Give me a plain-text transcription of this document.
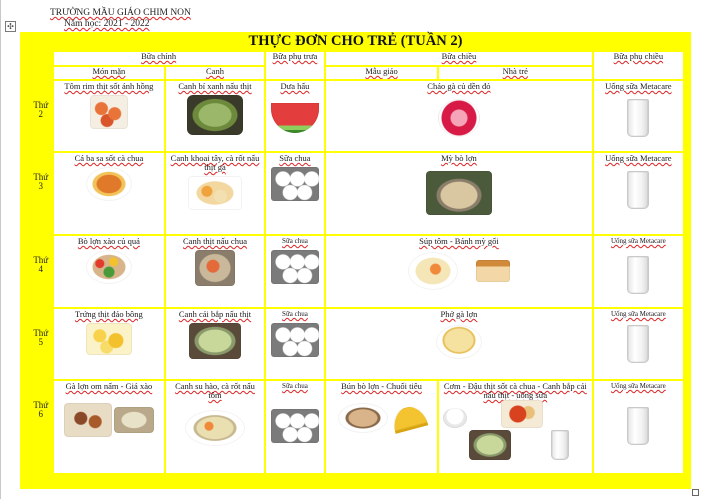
✣
TRƯỜNG MẦU GIÁO CHIM NON
Năm học: 2021 - 2022
THỰC ĐƠN CHO TRẺ (TUẦN 2)
	Bữa chính		Bữa phụ trưa	Bữa chiều		Bữa phụ chiều
	Món mặn	Canh		Mẫu giáo	Nhà trẻ	
Thứ 2	Tôm rim thịt sốt ánh hồng	Canh bí xanh nấu thịt	Dưa hấu	Cháo gà củ dền đỏ		Uống sữa Metacare

Thứ 3	Cá ba sa sốt cà chua	Canh khoai tây, cà rốt nấu thịt gà	Sữa chua	Mỳ bò lợn		Uống sữa Metacare

Thứ 4	Bò lợn xào củ quả	Canh thịt nấu chua	Sữa chua	Súp tôm - Bánh mỳ gối		Uống sữa Metacare

Thứ 5	Trứng thịt đảo bông	Canh cải bắp nấu thịt	Sữa chua	Phở gà lợn		Uống sữa Metacare

Thứ 6	Gà lợn om nấm - Giá xào	Canh su hào, cà rốt nấu tôm	Sữa chua	Bún bò lợn - Chuối tiêu	Cơm - Đậu thịt sốt cà chua - Canh bắp cải nấu thịt - uống sữa	Uống sữa Metacare
